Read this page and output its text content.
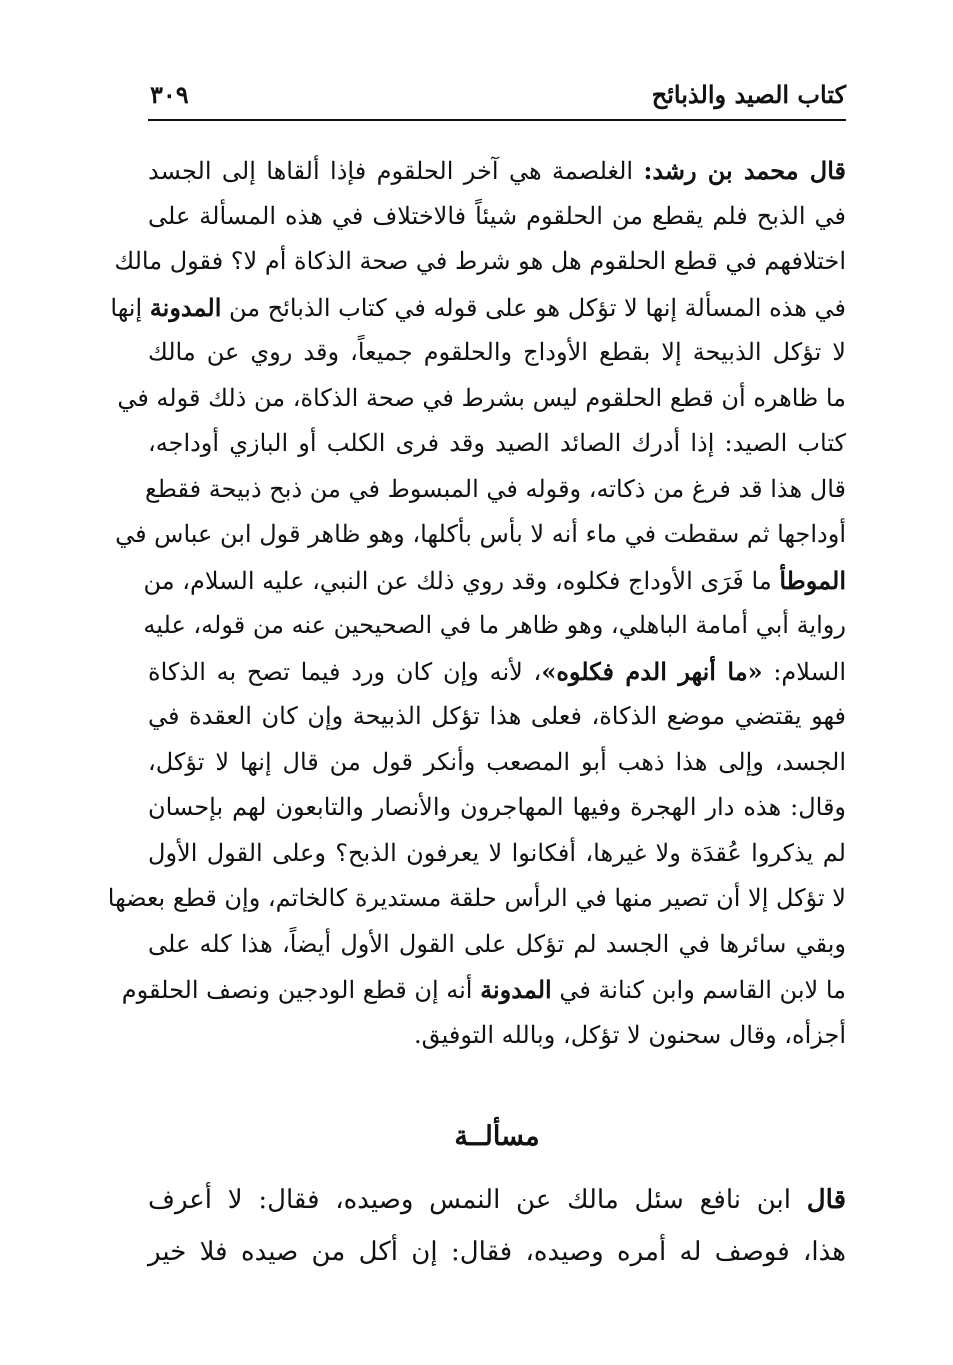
كتاب الصيد والذبائح
٣٠٩
قال محمد بن رشد: الغلصمة هي آخر الحلقوم فإذا ألقاها إلى الجسد
في الذبح فلم يقطع من الحلقوم شيئاً فالاختلاف في هذه المسألة على
اختلافهم في قطع الحلقوم هل هو شرط في صحة الذكاة أم لا؟ فقول مالك
في هذه المسألة إنها لا تؤكل هو على قوله في كتاب الذبائح من المدونة إنها
لا تؤكل الذبيحة إلا بقطع الأوداج والحلقوم جميعاً، وقد روي عن مالك
ما ظاهره أن قطع الحلقوم ليس بشرط في صحة الذكاة، من ذلك قوله في
كتاب الصيد: إذا أدرك الصائد الصيد وقد فرى الكلب أو البازي أوداجه،
قال هذا قد فرغ من ذكاته، وقوله في المبسوط في من ذبح ذبيحة فقطع
أوداجها ثم سقطت في ماء أنه لا بأس بأكلها، وهو ظاهر قول ابن عباس في
الموطأ ما فَرَى الأوداج فكلوه، وقد روي ذلك عن النبي، عليه السلام، من
رواية أبي أمامة الباهلي، وهو ظاهر ما في الصحيحين عنه من قوله، عليه
السلام: «ما أنهر الدم فكلوه»، لأنه وإن كان ورد فيما تصح به الذكاة
فهو يقتضي موضع الذكاة، فعلى هذا تؤكل الذبيحة وإن كان العقدة في
الجسد، وإلى هذا ذهب أبو المصعب وأنكر قول من قال إنها لا تؤكل،
وقال: هذه دار الهجرة وفيها المهاجرون والأنصار والتابعون لهم بإحسان
لم يذكروا عُقدَة ولا غيرها، أفكانوا لا يعرفون الذبح؟ وعلى القول الأول
لا تؤكل إلا أن تصير منها في الرأس حلقة مستديرة كالخاتم، وإن قطع بعضها
وبقي سائرها في الجسد لم تؤكل على القول الأول أيضاً، هذا كله على
ما لابن القاسم وابن كنانة في المدونة أنه إن قطع الودجين ونصف الحلقوم
أجزأه، وقال سحنون لا تؤكل، وبالله التوفيق.
مسألــة
قال ابن نافع سئل مالك عن النمس وصيده، فقال: لا أعرف
هذا، فوصف له أمره وصيده، فقال: إن أكل من صيده فلا خير
